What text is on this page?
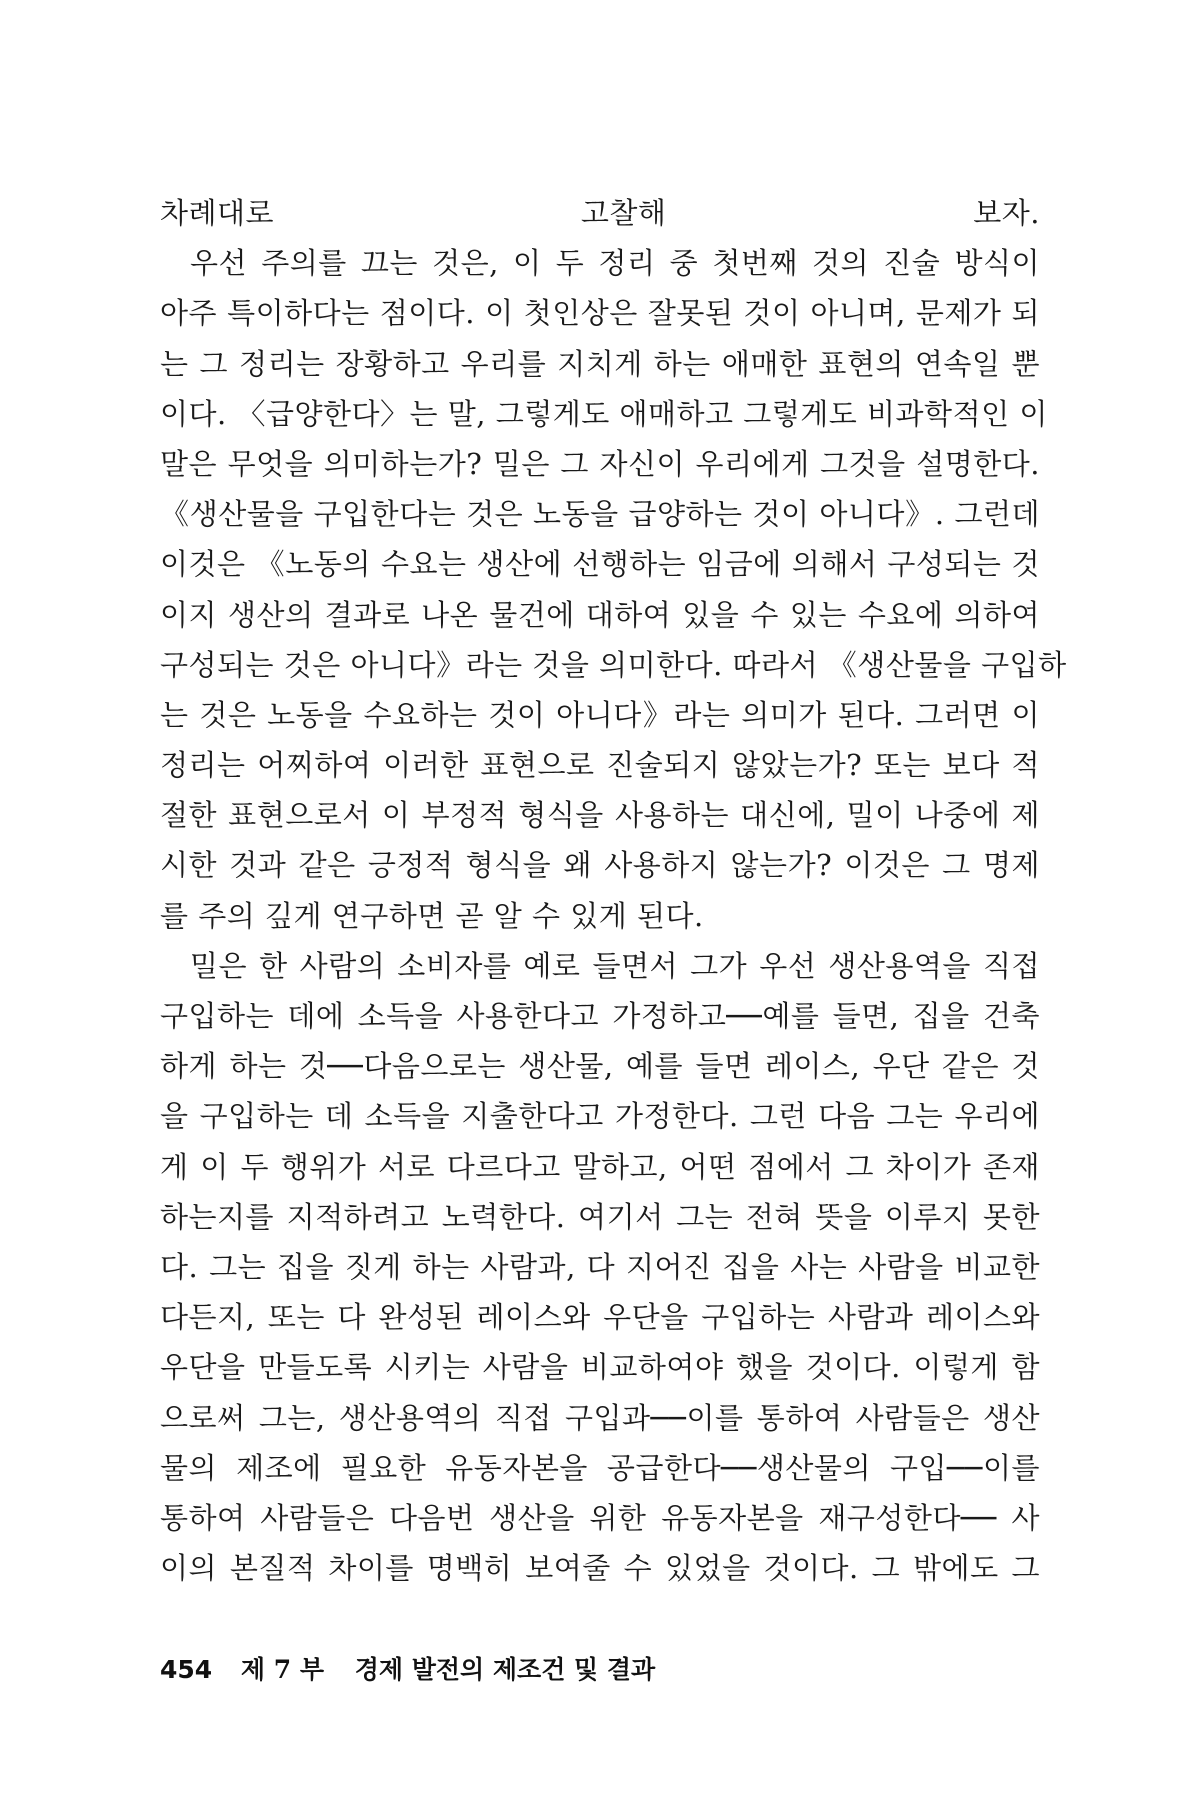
차례대로 고찰해 보자.
우선 주의를 끄는 것은, 이 두 정리 중 첫번째 것의 진술 방식이
아주 특이하다는 점이다. 이 첫인상은 잘못된 것이 아니며, 문제가 되
는 그 정리는 장황하고 우리를 지치게 하는 애매한 표현의 연속일 뿐
이다. 〈급양한다〉는 말, 그렇게도 애매하고 그렇게도 비과학적인 이
말은 무엇을 의미하는가? 밀은 그 자신이 우리에게 그것을 설명한다.
《생산물을 구입한다는 것은 노동을 급양하는 것이 아니다》. 그런데
이것은 《노동의 수요는 생산에 선행하는 임금에 의해서 구성되는 것
이지 생산의 결과로 나온 물건에 대하여 있을 수 있는 수요에 의하여
구성되는 것은 아니다》라는 것을 의미한다. 따라서 《생산물을 구입하
는 것은 노동을 수요하는 것이 아니다》라는 의미가 된다. 그러면 이
정리는 어찌하여 이러한 표현으로 진술되지 않았는가? 또는 보다 적
절한 표현으로서 이 부정적 형식을 사용하는 대신에, 밀이 나중에 제
시한 것과 같은 긍정적 형식을 왜 사용하지 않는가? 이것은 그 명제
를 주의 깊게 연구하면 곧 알 수 있게 된다.
밀은 한 사람의 소비자를 예로 들면서 그가 우선 생산용역을 직접
구입하는 데에 소득을 사용한다고 가정하고──예를 들면, 집을 건축
하게 하는 것──다음으로는 생산물, 예를 들면 레이스, 우단 같은 것
을 구입하는 데 소득을 지출한다고 가정한다. 그런 다음 그는 우리에
게 이 두 행위가 서로 다르다고 말하고, 어떤 점에서 그 차이가 존재
하는지를 지적하려고 노력한다. 여기서 그는 전혀 뜻을 이루지 못한
다. 그는 집을 짓게 하는 사람과, 다 지어진 집을 사는 사람을 비교한
다든지, 또는 다 완성된 레이스와 우단을 구입하는 사람과 레이스와
우단을 만들도록 시키는 사람을 비교하여야 했을 것이다. 이렇게 함
으로써 그는, 생산용역의 직접 구입과──이를 통하여 사람들은 생산
물의 제조에 필요한 유동자본을 공급한다──생산물의 구입──이를
통하여 사람들은 다음번 생산을 위한 유동자본을 재구성한다── 사
이의 본질적 차이를 명백히 보여줄 수 있었을 것이다. 그 밖에도 그
454 제 7 부 경제 발전의 제조건 및 결과
